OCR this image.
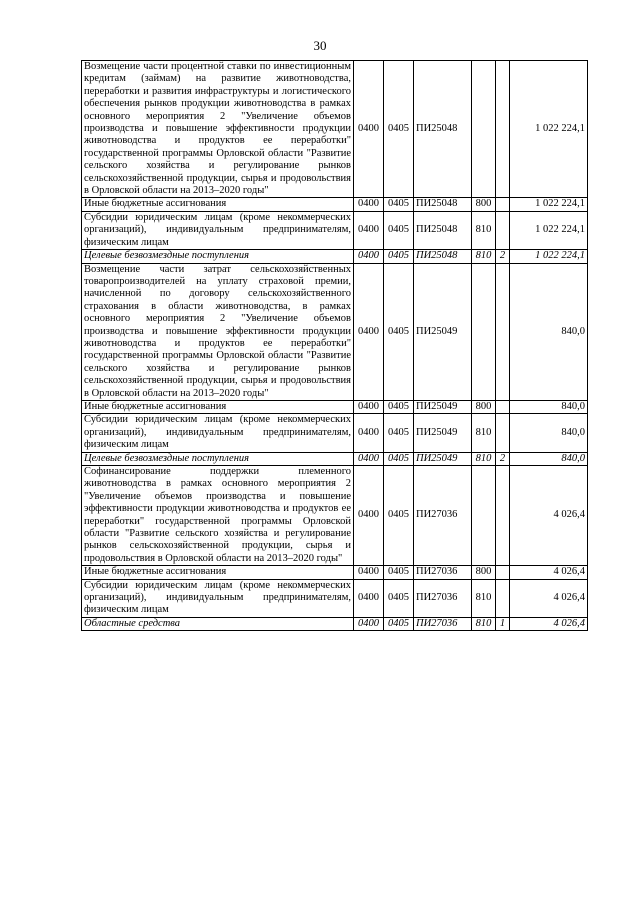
30
Возмещение части процентной ставки по инвестиционным кредитам (займам) на развитие животноводства, переработки и развития инфраструктуры и логистического обеспечения рынков продукции животноводства в рамках основного мероприятия 2 "Увеличение объемов производства и повышение эффективности продукции животноводства и продуктов ее переработки" государственной программы Орловской области "Развитие сельского хозяйства и регулирование рынков сельскохозяйственной продукции, сырья и продовольствия в Орловской области на 2013–2020 годы"	0400	0405	ПИ25048			1 022 224,1
Иные бюджетные ассигнования	0400	0405	ПИ25048	800		1 022 224,1
Субсидии юридическим лицам (кроме некоммерческих организаций), индивидуальным предпринимателям, физическим лицам	0400	0405	ПИ25048	810		1 022 224,1
Целевые безвозмездные поступления	0400	0405	ПИ25048	810	2	1 022 224,1
Возмещение части затрат сельскохозяйственных товаропроизводителей на уплату страховой премии, начисленной по договору сельскохозяйственного страхования в области животноводства, в рамках основного мероприятия 2 "Увеличение объемов производства и повышение эффективности продукции животноводства и продуктов ее переработки" государственной программы Орловской области "Развитие сельского хозяйства и регулирование рынков сельскохозяйственной продукции, сырья и продовольствия в Орловской области на 2013–2020 годы"	0400	0405	ПИ25049			840,0
Иные бюджетные ассигнования	0400	0405	ПИ25049	800		840,0
Субсидии юридическим лицам (кроме некоммерческих организаций), индивидуальным предпринимателям, физическим лицам	0400	0405	ПИ25049	810		840,0
Целевые безвозмездные поступления	0400	0405	ПИ25049	810	2	840,0
Софинансирование поддержки племенного животноводства в рамках основного мероприятия 2 "Увеличение объемов производства и повышение эффективности продукции животноводства и продуктов ее переработки" государственной программы Орловской области "Развитие сельского хозяйства и регулирование рынков сельскохозяйственной продукции, сырья и продовольствия в Орловской области на 2013–2020 годы"	0400	0405	ПИ27036			4 026,4
Иные бюджетные ассигнования	0400	0405	ПИ27036	800		4 026,4
Субсидии юридическим лицам (кроме некоммерческих организаций), индивидуальным предпринимателям, физическим лицам	0400	0405	ПИ27036	810		4 026,4
Областные средства	0400	0405	ПИ27036	810	1	4 026,4
